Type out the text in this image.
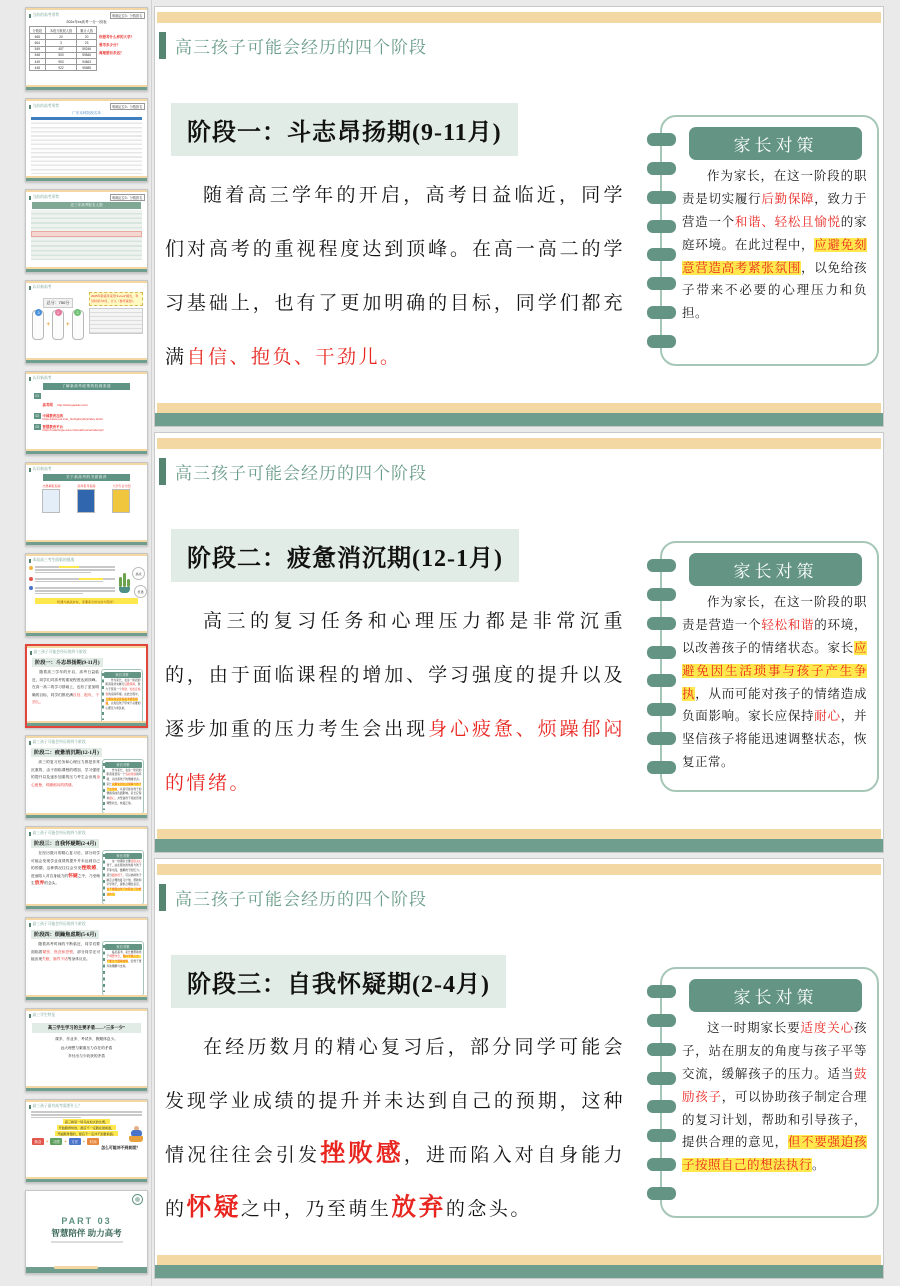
当前的高考形势	明确定位3：分数排名
202x年xx高考一分一段表
分数段	本段分数段人数	累计人数
665	20	20
664	3	23
549	457	59246
548	500	59846
449	953	94663
448	922	95585
你想考什么样的大学？
要考多少分？
离理想有多远？
当前的高考形势	明确定位3：分数排名
广东本科院校名单
当前的高考形势	明确定位3：分数排名
近三年高考报名人数
认识新高考
总分：750分
3
+
1
+
2
2025年新高考采用“3+1+2”模式，考试时间为6月，计入（参考查阅）。
认识新高考
了解新高考政策的权威渠道
01
高考网 http://www.gaokao.com/
02	中国教育在线
https://www.eol.cn/e_html/gk/zytbzj/index.shtml
03	智慧教育平台
https://mskcht.jse.edu.cn/cloudCourse/index/pc/
认识新高考
关于新高考的书面推荐
志愿填报指南	高考报考指南	大学专业介绍
本届高三考生面临的挑战
挑战
机遇
机遇与挑战并存，需要家长的支持与陪伴！
高三孩子可能会经历的四个阶段
阶段一：斗志昂扬期(9-11月)

随着高三学年的开启，高考日益临近，同学们对高考的重视程度达到顶峰。在高一高二的学习基础上，也有了更加明确的目标，同学们都充满自信、抱负、干劲儿。

家长对策

作为家长，在这一阶段的职责是切实履行后勤保障，致力于营造一个和谐、轻松且愉悦的家庭环境。在此过程中，应避免刻意营造高考紧张氛围，以免给孩子带来不必要的心理压力和负担。

高三孩子可能会经历的四个阶段
阶段二：疲惫消沉期(12-1月)

高三的复习任务和心理压力都是非常沉重的，由于面临课程的增加、学习强度的提升以及逐步加重的压力考生会出现身心疲惫、烦躁郁闷的情绪。

家长对策

作为家长，在这一阶段的职责是营造一个轻松和谐的环境，以改善孩子的情绪状态。家长应避免因生活琐事与孩子产生争执，从而可能对孩子的情绪造成负面影响。家长应保持耐心，并坚信孩子将能迅速调整状态，恢复正常。

高三孩子可能会经历的四个阶段
阶段三：自我怀疑期(2-4月)

在经历数月的精心复习后，部分同学可能会发现学业成绩的提升并未达到自己的预期，这种情况往往会引发挫败感，进而陷入对自身能力的怀疑之中，乃至萌生放弃的念头。

家长对策

这一时期家长要适度关心孩子，站在朋友的角度与孩子平等交流，缓解孩子的压力。适当鼓励孩子，可以协助孩子制定合理的复习计划，帮助和引导孩子，提供合理的意见，但不要强迫孩子按照自己的想法执行。

高三孩子可能会经历的四个阶段
阶段四：烦躁焦虑期(5-6月)

随着高考时间的不断临近，同学们要面临着紧张、焦虑和恐慌，部分同学还可能出现失眠、肠胃不适等身体反应。

家长对策

临近高考，家长要帮助孩子调整作息，保持平稳心态，不要过分强调成绩，给孩子更多的理解与支持。

高三学生特征
高三学生学习的主要矛盾——“三多一少”
课多、作业多、考试多、假期休息少。
远大理想与繁重压力存在的矛盾
多付出与少收获的矛盾
高三孩子面对高考需要什么？
高三就是一场马拉松式的比赛，
开始跑得快的，最后不一定跑在最前面，
开始跑得慢的，最后不一定冲不到最前面。
勤奋	+	习惯	+	方法	+	时间
怎么可能冲不到前面？
PART 03
智慧陪伴 助力高考
高三孩子可能会经历的四个阶段
阶段一：斗志昂扬期(9-11月)

随着高三学年的开启，高考日益临近，同学们对高考的重视程度达到顶峰。在高一高二的学习基础上，也有了更加明确的目标，同学们都充满自信、抱负、干劲儿。

家长对策

作为家长，在这一阶段的职责是切实履行后勤保障，致力于营造一个和谐、轻松且愉悦的家庭环境。在此过程中，应避免刻意营造高考紧张氛围，以免给孩子带来不必要的心理压力和负担。

高三孩子可能会经历的四个阶段
阶段二：疲惫消沉期(12-1月)

高三的复习任务和心理压力都是非常沉重的，由于面临课程的增加、学习强度的提升以及逐步加重的压力考生会出现身心疲惫、烦躁郁闷的情绪。

家长对策

作为家长，在这一阶段的职责是营造一个轻松和谐的环境，以改善孩子的情绪状态。家长应避免因生活琐事与孩子产生争执，从而可能对孩子的情绪造成负面影响。家长应保持耐心，并坚信孩子将能迅速调整状态，恢复正常。

高三孩子可能会经历的四个阶段
阶段三：自我怀疑期(2-4月)

在经历数月的精心复习后，部分同学可能会发现学业成绩的提升并未达到自己的预期，这种情况往往会引发挫败感，进而陷入对自身能力的怀疑之中，乃至萌生放弃的念头。

家长对策

这一时期家长要适度关心孩子，站在朋友的角度与孩子平等交流，缓解孩子的压力。适当鼓励孩子，可以协助孩子制定合理的复习计划，帮助和引导孩子，提供合理的意见，但不要强迫孩子按照自己的想法执行。
